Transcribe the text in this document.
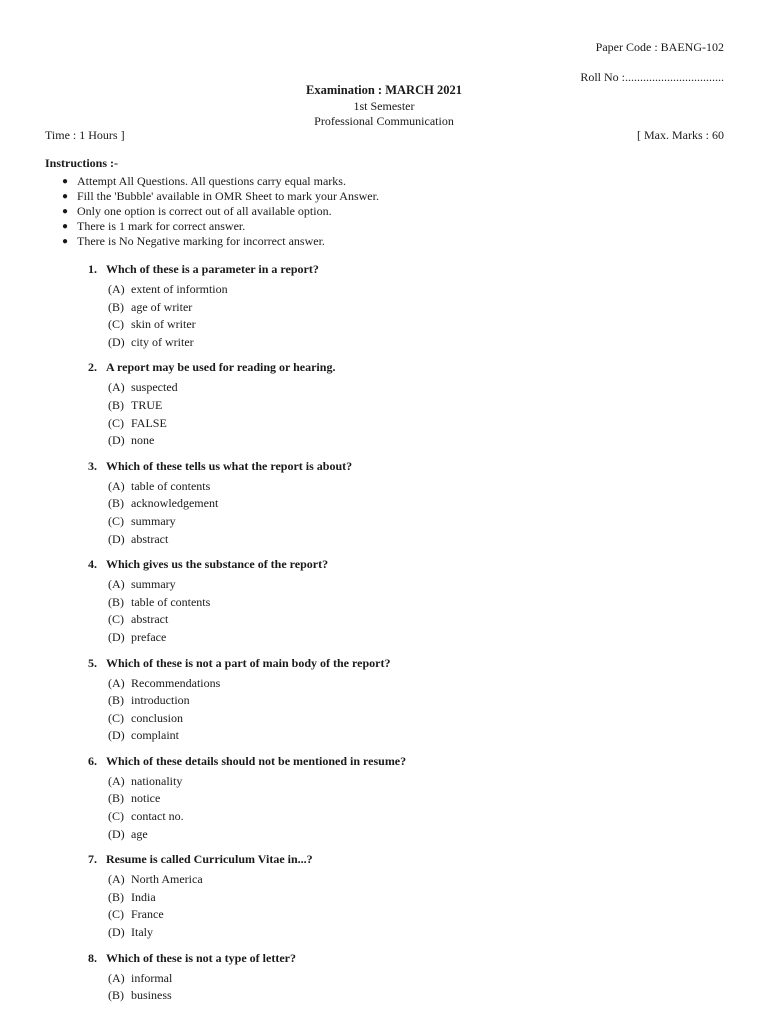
Paper Code : BAENG-102
Roll No :.................................
Examination : MARCH 2021
1st Semester
Professional Communication
Time : 1 Hours ]	[ Max. Marks : 60
Instructions :-
● Attempt All Questions. All questions carry equal marks.
● Fill the 'Bubble' available in OMR Sheet to mark your Answer.
● Only one option is correct out of all available option.
● There is 1 mark for correct answer.
● There is No Negative marking for incorrect answer.
1. Whch of these is a parameter in a report?
(A) extent of informtion
(B) age of writer
(C) skin of writer
(D) city of writer
2. A report may be used for reading or hearing.
(A) suspected
(B) TRUE
(C) FALSE
(D) none
3. Which of these tells us what the report is about?
(A) table of contents
(B) acknowledgement
(C) summary
(D) abstract
4. Which gives us the substance of the report?
(A) summary
(B) table of contents
(C) abstract
(D) preface
5. Which of these is not a part of main body of the report?
(A) Recommendations
(B) introduction
(C) conclusion
(D) complaint
6. Which of these details should not be mentioned in resume?
(A) nationality
(B) notice
(C) contact no.
(D) age
7. Resume is called Curriculum Vitae in...?
(A) North America
(B) India
(C) France
(D) Italy
8. Which of these is not a type of letter?
(A) informal
(B) business
